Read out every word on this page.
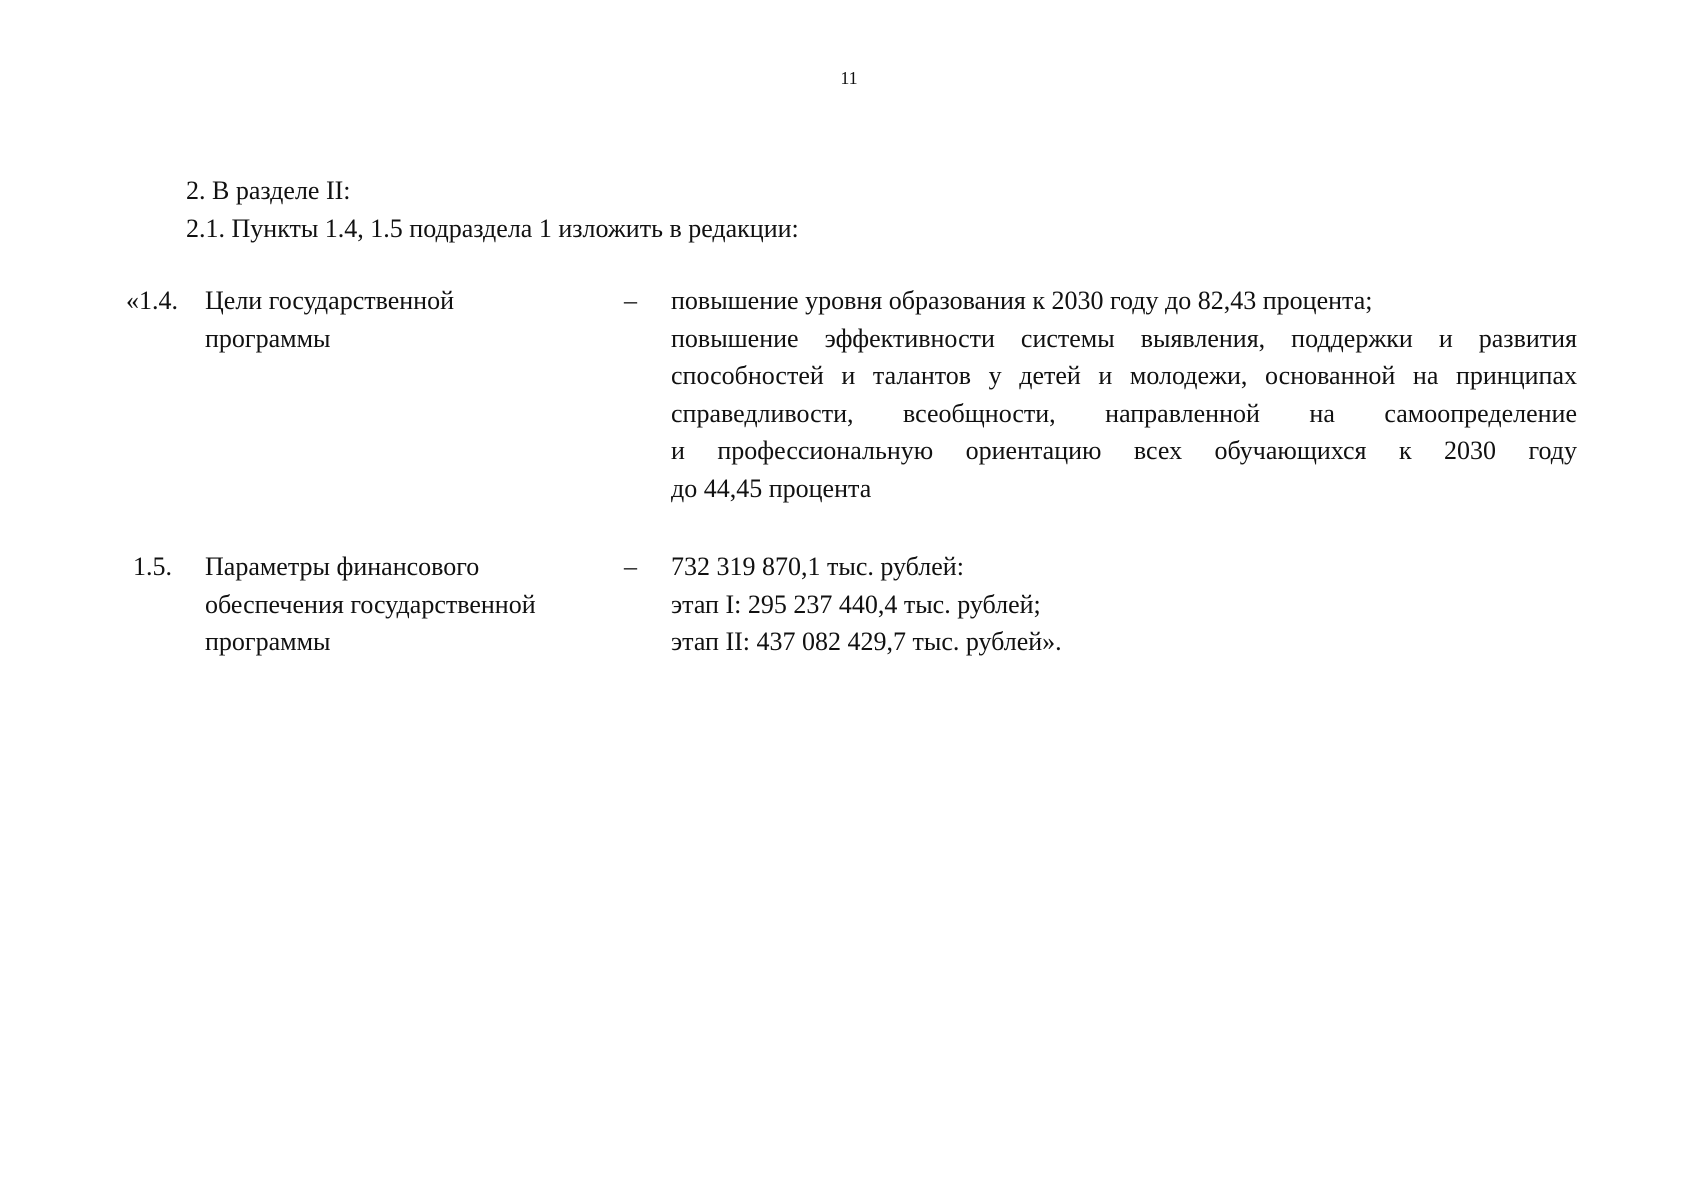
11
2. В разделе II:
2.1. Пункты 1.4, 1.5 подраздела 1 изложить в редакции:
«1.4. Цели государственной
программы
– повышение уровня образования к 2030 году до 82,43 процента;
повышение эффективности системы выявления, поддержки и развития
способностей и талантов у детей и молодежи, основанной на принципах
справедливости, всеобщности, направленной на самоопределение
и профессиональную ориентацию всех обучающихся к 2030 году
до 44,45 процента
1.5. Параметры финансового
обеспечения государственной
программы
– 732 319 870,1 тыс. рублей:
этап I: 295 237 440,4 тыс. рублей;
этап II: 437 082 429,7 тыс. рублей».
